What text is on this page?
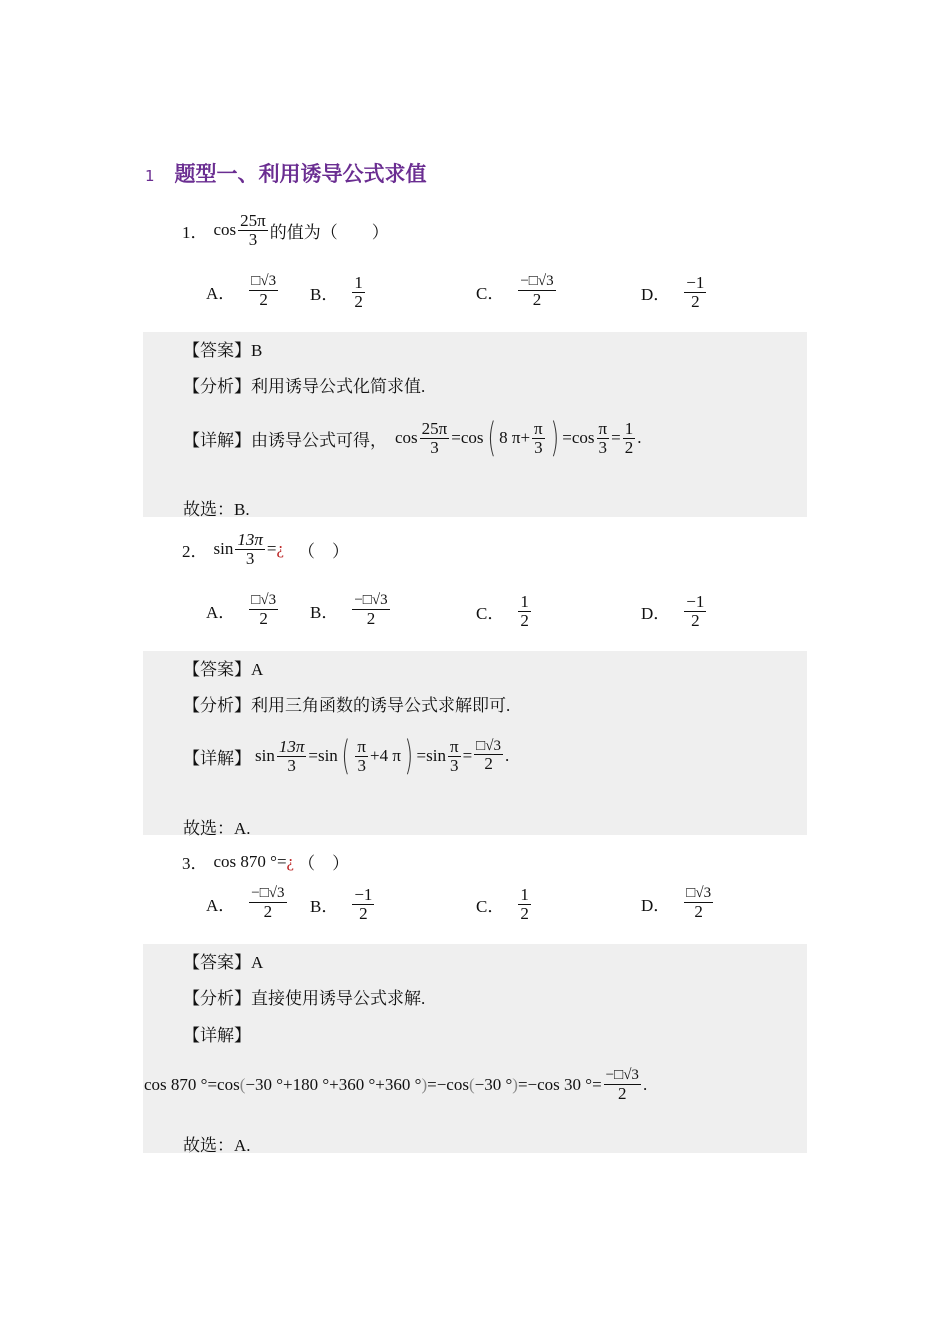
1 题型一、利用诱导公式求值
1． $\cos \frac{25\pi}{3}$ 的值为（　　）
A． $\frac{□√3}{2}$ B． $\frac{1}{2}$	C． $\frac{-□√3}{2}$	D． $\frac{-1}{2}$
【答案】B
【分析】利用诱导公式化简求值.
【详解】由诱导公式可得， $\cos \frac{25\pi}{3} =\cos$ ( 8 $\pi+ \frac{\pi}{3}$ ) $=\cos \frac{\pi}{3} = \frac{1}{2}$ .
故选：B.
2． $\sin \frac{13\pi}{3}$ = ¿ （　）
A． $\frac{□√3}{2}$ B． $\frac{-□√3}{2}$	C． $\frac{1}{2}$	D． $\frac{-1}{2}$
【答案】A
【分析】利用三角函数的诱导公式求解即可.
【详解】 $\sin \frac{13\pi}{3} =\sin$ ( $\frac{\pi}{3} +4$ π ) $=\sin \frac{\pi}{3} = \frac{□√3}{2}$ .
故选：A.
3． cos 870 °= ¿ （　）
A． $\frac{-□√3}{2}$ B． $\frac{-1}{2}$	C． $\frac{1}{2}$	D． $\frac{□√3}{2}$
【答案】A
【分析】直接使用诱导公式求解.
【详解】
cos 870 °=cos ( −30 °+180 °+360 °+360 ° ) =−cos ( −30 ° ) =−cos 30 °= $\frac{-□√3}{2}$ .
故选：A.
